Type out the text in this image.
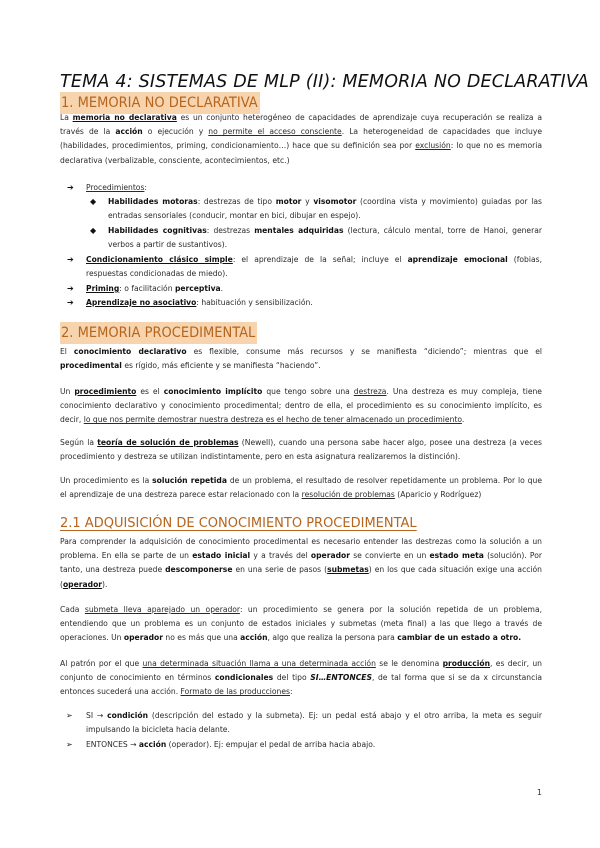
TEMA 4: SISTEMAS DE MLP (II): MEMORIA NO DECLARATIVA
1. MEMORIA NO DECLARATIVA

La memoria no declarativa es un conjunto heterogéneo de capacidades de aprendizaje cuya recuperación se realiza a través de la acción o ejecución y no permite el acceso consciente. La heterogeneidad de capacidades que incluye (habilidades, procedimientos, priming, condicionamiento…) hace que su definición sea por exclusión: lo que no es memoria declarativa (verbalizable, consciente, acontecimientos, etc.)

➔ Procedimientos:
◆ Habilidades motoras: destrezas de tipo motor y visomotor (coordina vista y movimiento) guiadas por las entradas sensoriales (conducir, montar en bici, dibujar en espejo).
◆ Habilidades cognitivas: destrezas mentales adquiridas (lectura, cálculo mental, torre de Hanoi, generar verbos a partir de sustantivos).
➔ Condicionamiento clásico simple: el aprendizaje de la señal; incluye el aprendizaje emocional (fobias, respuestas condicionadas de miedo).
➔ Priming: o facilitación perceptiva.
➔ Aprendizaje no asociativo: habituación y sensibilización.
2. MEMORIA PROCEDIMENTAL

El conocimiento declarativo es flexible, consume más recursos y se manifiesta “diciendo”; mientras que el procedimental es rígido, más eficiente y se manifiesta “haciendo”.

Un procedimiento es el conocimiento implícito que tengo sobre una destreza. Una destreza es muy compleja, tiene conocimiento declarativo y conocimiento procedimental; dentro de ella, el procedimiento es su conocimiento implícito, es decir, lo que nos permite demostrar nuestra destreza es el hecho de tener almacenado un procedimiento.

Según la teoría de solución de problemas (Newell), cuando una persona sabe hacer algo, posee una destreza (a veces procedimiento y destreza se utilizan indistintamente, pero en esta asignatura realizaremos la distinción).

Un procedimiento es la solución repetida de un problema, el resultado de resolver repetidamente un problema. Por lo que el aprendizaje de una destreza parece estar relacionado con la resolución de problemas (Aparicio y Rodríguez)

2.1 ADQUISICIÓN DE CONOCIMIENTO PROCEDIMENTAL

Para comprender la adquisición de conocimiento procedimental es necesario entender las destrezas como la solución a un problema. En ella se parte de un estado inicial y a través del operador se convierte en un estado meta (solución). Por tanto, una destreza puede descomponerse en una serie de pasos (submetas) en los que cada situación exige una acción (operador).

Cada submeta lleva aparejado un operador: un procedimiento se genera por la solución repetida de un problema, entendiendo que un problema es un conjunto de estados iniciales y submetas (meta final) a las que llego a través de operaciones. Un operador no es más que una acción, algo que realiza la persona para cambiar de un estado a otro.

Al patrón por el que una determinada situación llama a una determinada acción se le denomina producción, es decir, un conjunto de conocimiento en términos condicionales del tipo SI…ENTONCES, de tal forma que si se da x circunstancia entonces sucederá una acción. Formato de las producciones:

➢ SI → condición (descripción del estado y la submeta). Ej: un pedal está abajo y el otro arriba, la meta es seguir impulsando la bicicleta hacia delante.
➢ ENTONCES → acción (operador). Ej: empujar el pedal de arriba hacia abajo.
1
